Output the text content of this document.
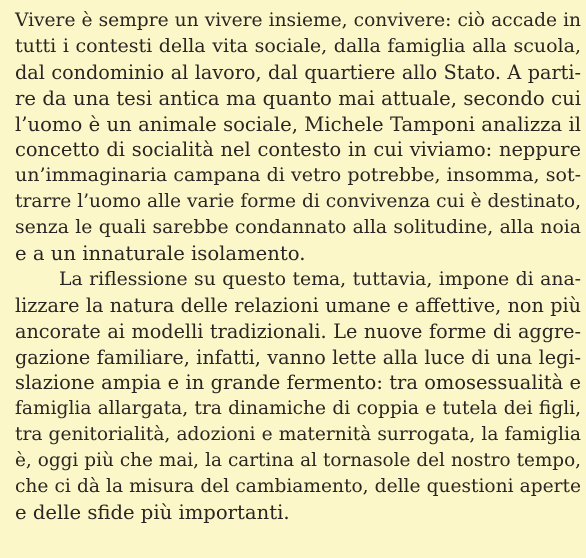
Vivere è sempre un vivere insieme, convivere: ciò accade in
tutti i contesti della vita sociale, dalla famiglia alla scuola,
dal condominio al lavoro, dal quartiere allo Stato. A parti-
re da una tesi antica ma quanto mai attuale, secondo cui
l’uomo è un animale sociale, Michele Tamponi analizza il
concetto di socialità nel contesto in cui viviamo: neppure
un’immaginaria campana di vetro potrebbe, insomma, sot-
trarre l’uomo alle varie forme di convivenza cui è destinato,
senza le quali sarebbe condannato alla solitudine, alla noia
e a un innaturale isolamento.
La riflessione su questo tema, tuttavia, impone di ana-
lizzare la natura delle relazioni umane e affettive, non più
ancorate ai modelli tradizionali. Le nuove forme di aggre-
gazione familiare, infatti, vanno lette alla luce di una legi-
slazione ampia e in grande fermento: tra omosessualità e
famiglia allargata, tra dinamiche di coppia e tutela dei figli,
tra genitorialità, adozioni e maternità surrogata, la famiglia
è, oggi più che mai, la cartina al tornasole del nostro tempo,
che ci dà la misura del cambiamento, delle questioni aperte
e delle sfide più importanti.
